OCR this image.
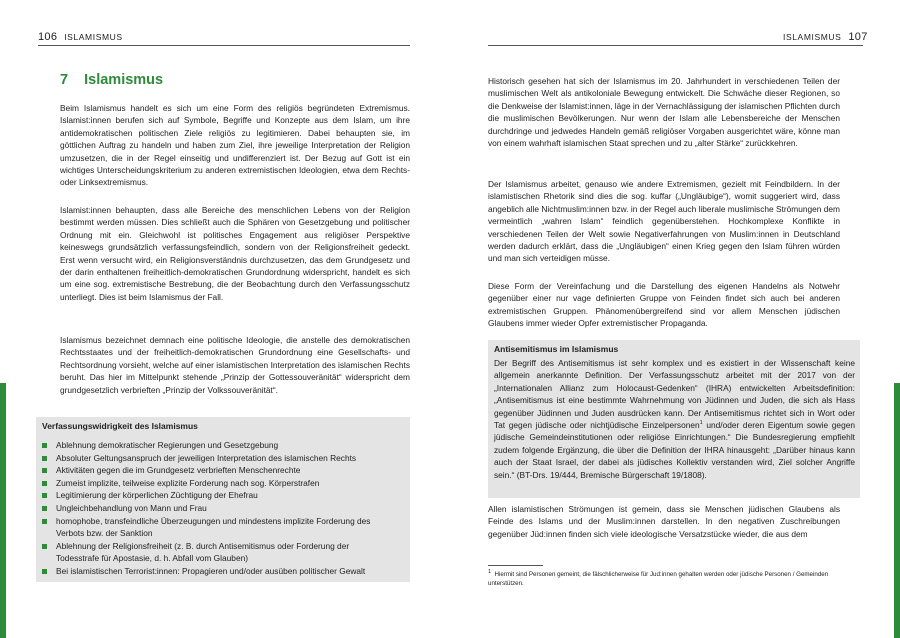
106 ISLAMISMUS
7 Islamismus

Beim Islamismus handelt es sich um eine Form des religiös begründeten Extremismus. Islamist:innen berufen sich auf Symbole, Begriffe und Konzepte aus dem Islam, um ihre antidemokratischen politischen Ziele religiös zu legitimieren. Dabei behaupten sie, im göttlichen Auftrag zu handeln und haben zum Ziel, ihre jeweilige Interpretation der Religion umzusetzen, die in der Regel einseitig und undifferenziert ist. Der Bezug auf Gott ist ein wichtiges Unterscheidungskriterium zu anderen extremistischen Ideologien, etwa dem Rechts- oder Linksextremismus.

Islamist:innen behaupten, dass alle Bereiche des menschlichen Lebens von der Religion bestimmt werden müssen. Dies schließt auch die Sphären von Gesetzgebung und politischer Ordnung mit ein. Gleichwohl ist politisches Engagement aus religiöser Perspektive keineswegs grundsätzlich verfassungsfeindlich, sondern von der Religionsfreiheit gedeckt. Erst wenn versucht wird, ein Religionsverständnis durchzusetzen, das dem Grundgesetz und der darin enthaltenen freiheitlich-demokratischen Grundordnung widerspricht, handelt es sich um eine sog. extremistische Bestrebung, die der Beobachtung durch den Verfassungsschutz unterliegt. Dies ist beim Islamismus der Fall.

Islamismus bezeichnet demnach eine politische Ideologie, die anstelle des demokratischen Rechtsstaates und der freiheitlich-demokratischen Grundordnung eine Gesellschafts- und Rechtsordnung vorsieht, welche auf einer islamistischen Interpretation des islamischen Rechts beruht. Das hier im Mittelpunkt stehende „Prinzip der Gottessouveränität“ widerspricht dem grundgesetzlich verbrieften „Prinzip der Volkssouveränität“.

Verfassungswidrigkeit des Islamismus
Ablehnung demokratischer Regierungen und Gesetzgebung
Absoluter Geltungsanspruch der jeweiligen Interpretation des islamischen Rechts
Aktivitäten gegen die im Grundgesetz verbrieften Menschenrechte
Zumeist implizite, teilweise explizite Forderung nach sog. Körperstrafen
Legitimierung der körperlichen Züchtigung der Ehefrau
Ungleichbehandlung von Mann und Frau
homophobe, transfeindliche Überzeugungen und mindestens implizite Forderung des Verbots bzw. der Sanktion
Ablehnung der Religionsfreiheit (z. B. durch Antisemitismus oder Forderung der Todesstrafe für Apostasie, d. h. Abfall vom Glauben)
Bei islamistischen Terrorist:innen: Propagieren und/oder ausüben politischer Gewalt
ISLAMISMUS 107

Historisch gesehen hat sich der Islamismus im 20. Jahrhundert in verschiedenen Teilen der muslimischen Welt als antikoloniale Bewegung entwickelt. Die Schwäche dieser Regionen, so die Denkweise der Islamist:innen, läge in der Vernachlässigung der islamischen Pflichten durch die muslimischen Bevölkerungen. Nur wenn der Islam alle Lebensbereiche der Menschen durchdringe und jedwedes Handeln gemäß religiöser Vorgaben ausgerichtet wäre, könne man von einem wahrhaft islamischen Staat sprechen und zu „alter Stärke“ zurückkehren.

Der Islamismus arbeitet, genauso wie andere Extremismen, gezielt mit Feindbildern. In der islamistischen Rhetorik sind dies die sog. kuffar („Ungläubige“), womit suggeriert wird, dass angeblich alle Nichtmuslim:innen bzw. in der Regel auch liberale muslimische Strömungen dem vermeintlich „wahren Islam“ feindlich gegenüberstehen. Hochkomplexe Konflikte in verschiedenen Teilen der Welt sowie Negativerfahrungen von Muslim:innen in Deutschland werden dadurch erklärt, dass die „Ungläubigen“ einen Krieg gegen den Islam führen würden und man sich verteidigen müsse.

Diese Form der Vereinfachung und die Darstellung des eigenen Handelns als Notwehr gegenüber einer nur vage definierten Gruppe von Feinden findet sich auch bei anderen extremistischen Gruppen. Phänomenübergreifend sind vor allem Menschen jüdischen Glaubens immer wieder Opfer extremistischer Propaganda.

Antisemitismus im Islamismus

Der Begriff des Antisemitismus ist sehr komplex und es existiert in der Wissenschaft keine allgemein anerkannte Definition. Der Verfassungsschutz arbeitet mit der 2017 von der „Internationalen Allianz zum Holocaust-Gedenken“ (IHRA) entwickelten Arbeitsdefinition: „Antisemitismus ist eine bestimmte Wahrnehmung von Jüdinnen und Juden, die sich als Hass gegenüber Jüdinnen und Juden ausdrücken kann. Der Antisemitismus richtet sich in Wort oder Tat gegen jüdische oder nichtjüdische Einzelpersonen$^1$ und/oder deren Eigentum sowie gegen jüdische Gemeindeinstitutionen oder religiöse Einrichtungen.“ Die Bundesregierung empfiehlt zudem folgende Ergänzung, die über die Definition der IHRA hinausgeht: „Darüber hinaus kann auch der Staat Israel, der dabei als jüdisches Kollektiv verstanden wird, Ziel solcher Angriffe sein.“ (BT-Drs. 19/444, Bremische Bürgerschaft 19/1808).

Allen islamistischen Strömungen ist gemein, dass sie Menschen jüdischen Glaubens als Feinde des Islams und der Muslim:innen darstellen. In den negativen Zuschreibungen gegenüber Jüd:innen finden sich viele ideologische Versatzstücke wieder, die aus dem

$^1$ Hiermit sind Personen gemeint, die fälschlicherweise für Jud:innen gehalten werden oder jüdische Personen / Gemeinden unterstützen.
